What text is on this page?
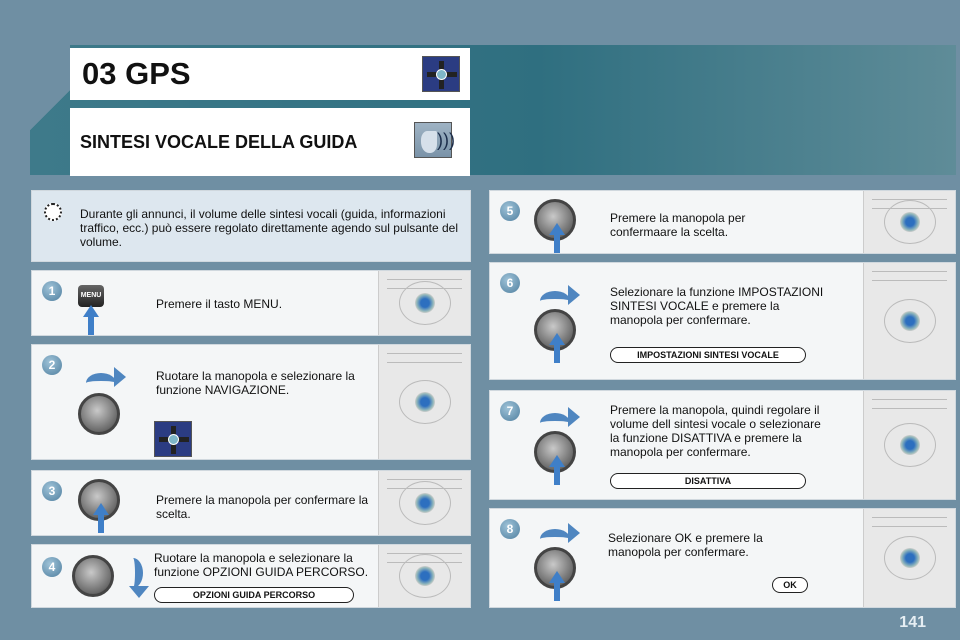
03 GPS
SINTESI VOCALE DELLA GUIDA	)))
Durante gli annunci, il volume delle sintesi vocali (guida, informazioni traffico, ecc.) può essere regolato direttamente agendo sul pulsante del volume.
1	MENU
Premere il tasto MENU.
2
Ruotare la manopola e selezionare la funzione NAVIGAZIONE.
3
Premere la manopola per confermare la scelta.
4
Ruotare la manopola e selezionare la funzione OPZIONI GUIDA PERCORSO.
OPZIONI GUIDA PERCORSO
5	Premere la manopola per confermaare la scelta.
6
Selezionare la funzione IMPOSTAZIONI SINTESI VOCALE e premere la manopola per confermare.
IMPOSTAZIONI SINTESI VOCALE
7	Premere la manopola, quindi regolare il volume dell sintesi vocale o selezionare la funzione DISATTIVA e premere la manopola per confermare.
DISATTIVA
8
Selezionare OK e premere la manopola per confermare.
OK
141
